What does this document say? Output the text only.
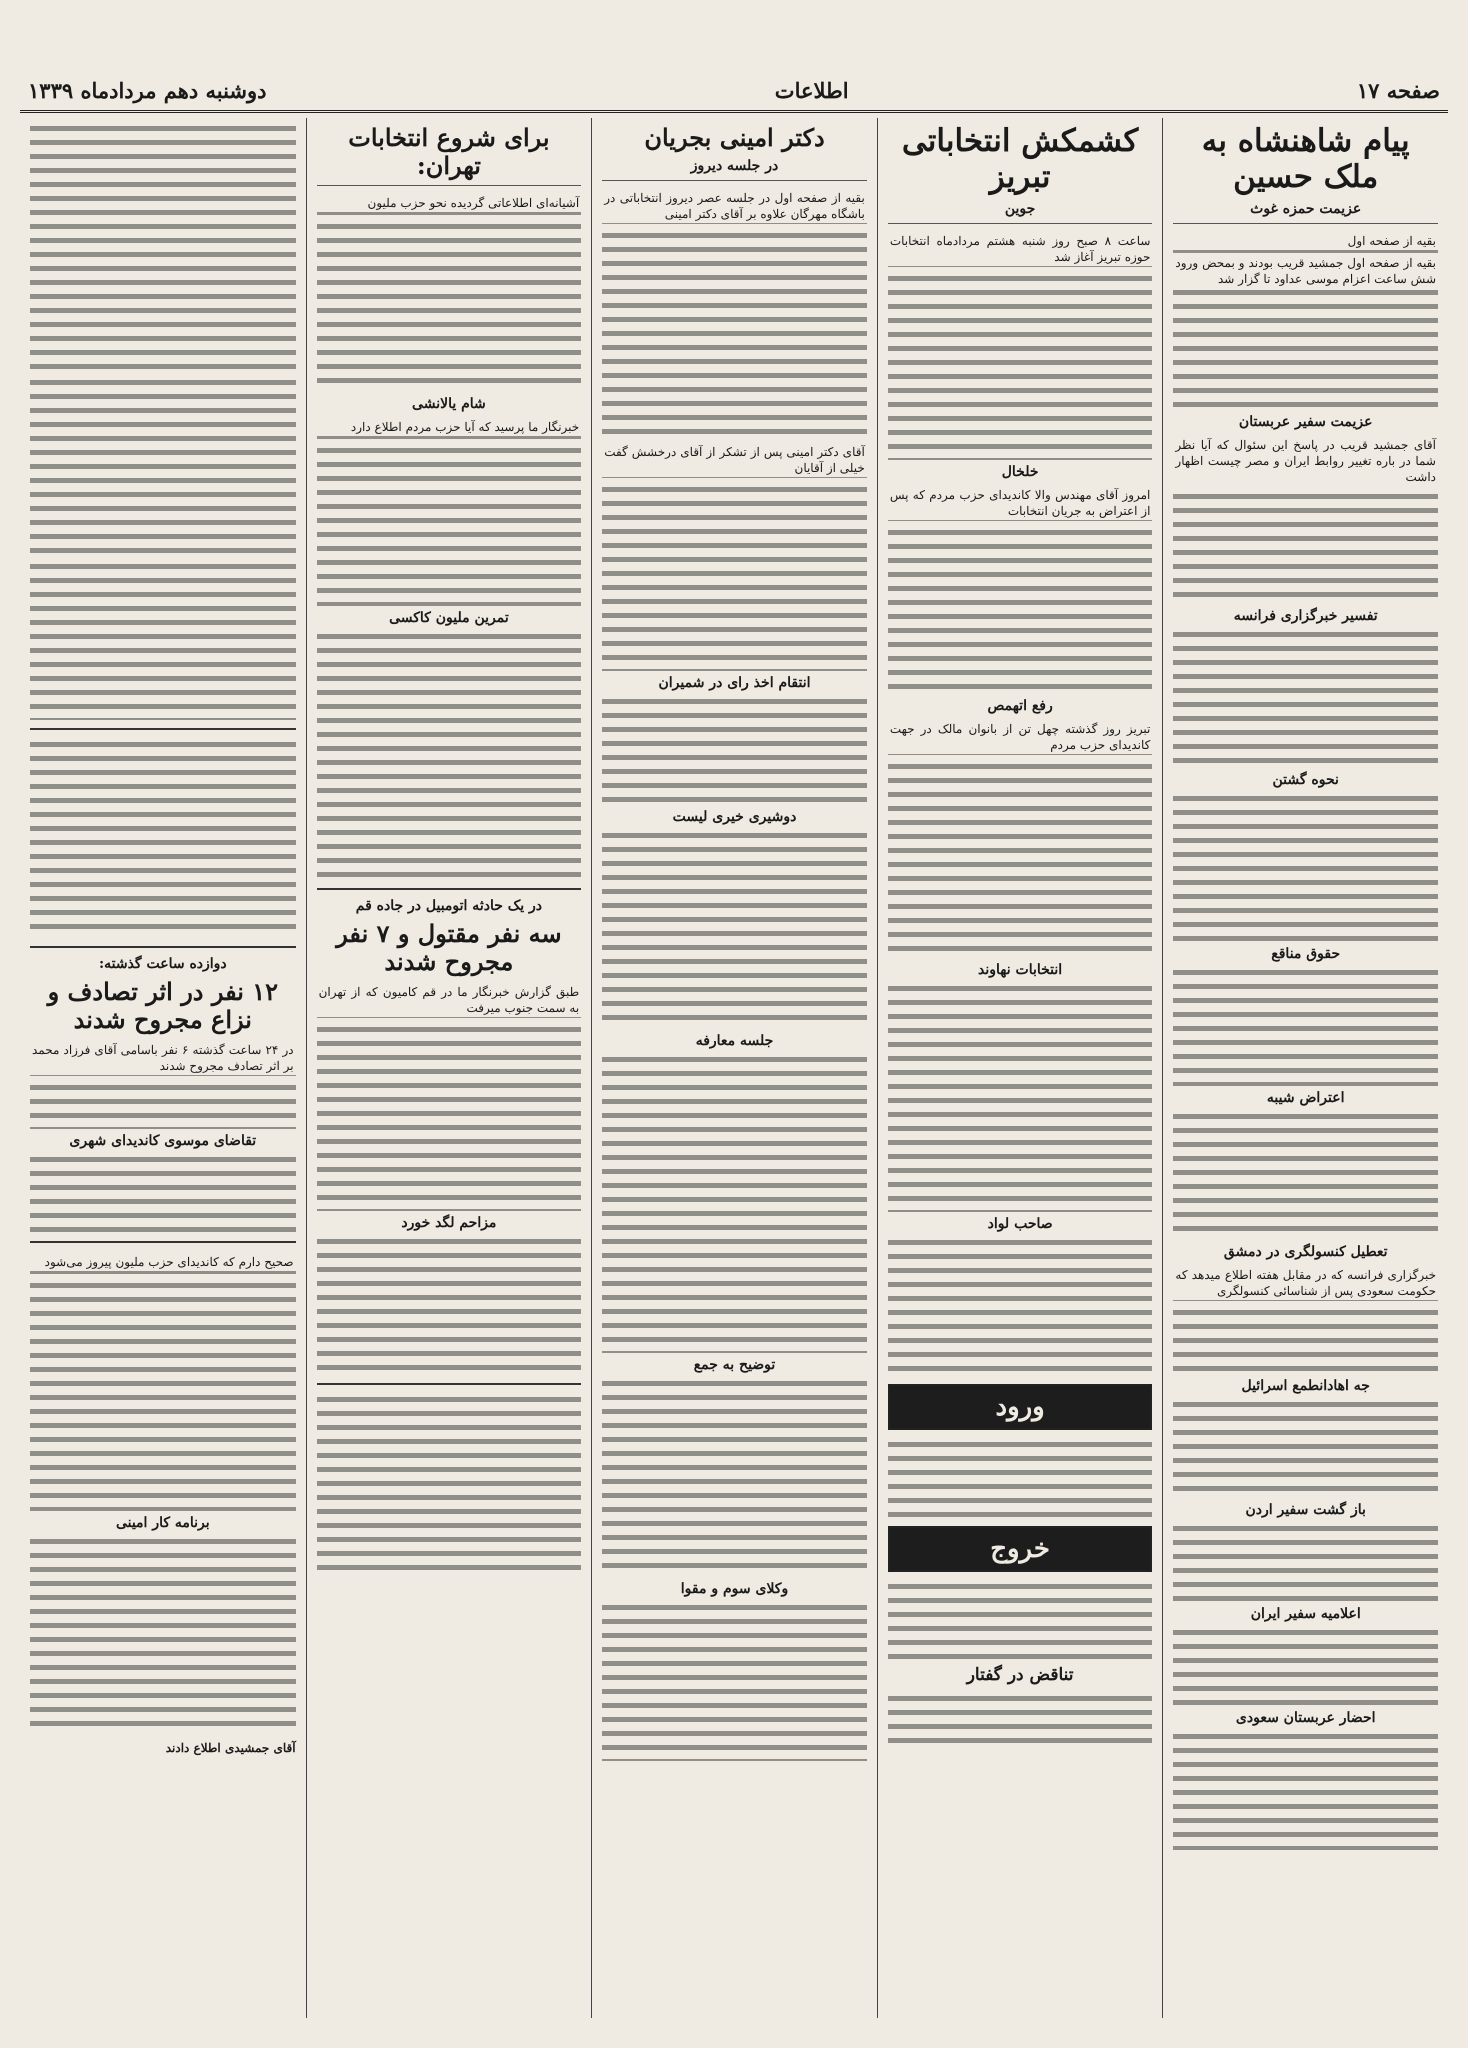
صفحه ۱۷
اطلاعات
دوشنبه دهم مردادماه ۱۳۳۹
پیام شاهنشاه به ملک حسین
عزیمت حمزه غوث

بقیه از صفحه اول

بقیه از صفحه اول جمشید قریب بودند و بمحض ورود شش ساعت اعزام موسی عداود تا گزار شد

عزیمت سفیر عربستان

آقای جمشید قریب در پاسخ این سئوال که آیا نظر شما در باره تغییر روابط ایران و مصر چیست اظهار داشت

تفسیر خبرگزاری فرانسه
نحوه گشتن
حقوق مناقع
اعتراض شیبه
تعطیل کنسولگری در دمشق

خبرگزاری فرانسه که در مقابل هفته اطلاع میدهد که حکومت سعودی پس از شناسائی کنسولگری

جه اهادانطمع اسرائیل
باز گشت سفیر اردن
اعلامیه سفیر ایران
احضار عربستان سعودی
کشمکش انتخاباتی تبریز
جوین

ساعت ۸ صبح روز شنبه هشتم مردادماه انتخابات حوزه تبریز آغاز شد

خلخال

امروز آقای مهندس والا کاندیدای حزب مردم که پس از اعتراض به جریان انتخابات

رفع اتهمص

تبریز روز گذشته چهل تن از بانوان مالک در جهت کاندیدای حزب مردم

انتخابات نهاوند
صاحب لواد
ورود
خروج
تناقض در گفتار
دکتر امینی بجریان
در جلسه دیروز

بقیه از صفحه اول در جلسه عصر دیروز انتخاباتی در باشگاه مهرگان علاوه بر آقای دکتر امینی

آقای دکتر امینی پس از تشکر از آقای درخشش گفت خیلی از آقایان

انتقام اخذ رای در شمیران
دوشیری خیری لیست
جلسه معارفه
توضیح به جمع
وکلای سوم و مقوا
برای شروع انتخابات تهران:

آشیانه‌ای اطلاعاتی گردیده نحو حزب ملیون

شام یالانشی

خبرنگار ما پرسید که آیا حزب مردم اطلاع دارد

تمرین ملیون کاکسی
در یک حادثه اتومبیل در جاده قم
سه نفر مقتول و ۷ نفر مجروح شدند

طبق گزارش خبرنگار ما در قم کامیون که از تهران به سمت جنوب میرفت

مزاحم لگد خورد
دوازده ساعت گذشته:
۱۲ نفر در اثر تصادف و نزاع مجروح شدند

در ۲۴ ساعت گذشته ۶ نفر باسامی آقای فرزاد محمد بر اثر تصادف مجروح شدند

تقاضای موسوی کاندیدای شهری

صحیح دارم که کاندیدای حزب ملیون پیروز می‌شود

برنامه کار امینی
آقای جمشیدی اطلاع دادند
